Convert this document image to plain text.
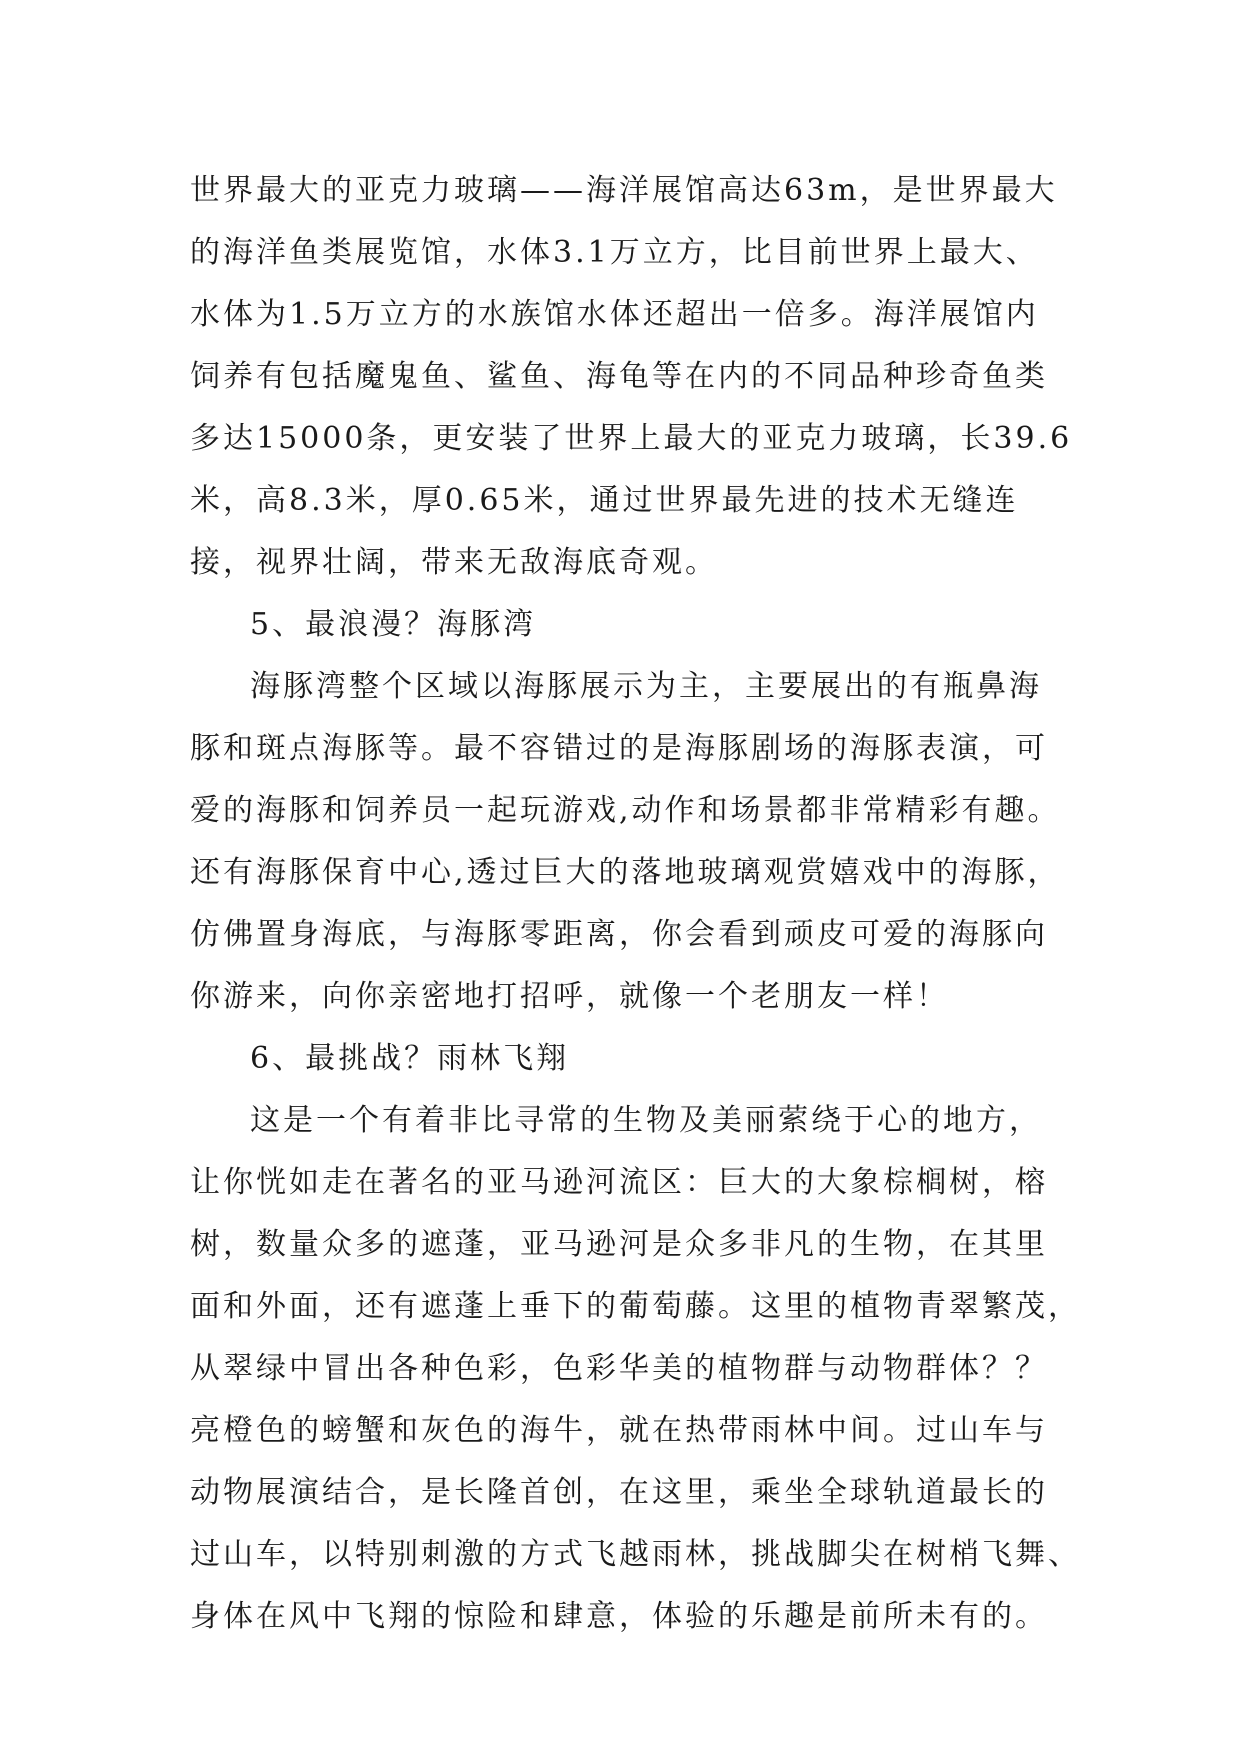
世界最大的亚克力玻璃——海洋展馆高达63m，是世界最大
的海洋鱼类展览馆，水体3.1万立方，比目前世界上最大、
水体为1.5万立方的水族馆水体还超出一倍多。海洋展馆内
饲养有包括魔鬼鱼、鲨鱼、海龟等在内的不同品种珍奇鱼类
多达15000条，更安装了世界上最大的亚克力玻璃，长39.6
米，高8.3米，厚0.65米，通过世界最先进的技术无缝连
接，视界壮阔，带来无敌海底奇观。
5、最浪漫？海豚湾
海豚湾整个区域以海豚展示为主，主要展出的有瓶鼻海
豚和斑点海豚等。最不容错过的是海豚剧场的海豚表演，可
爱的海豚和饲养员一起玩游戏,动作和场景都非常精彩有趣。
还有海豚保育中心,透过巨大的落地玻璃观赏嬉戏中的海豚，
仿佛置身海底，与海豚零距离，你会看到顽皮可爱的海豚向
你游来，向你亲密地打招呼，就像一个老朋友一样！
6、最挑战？雨林飞翔
这是一个有着非比寻常的生物及美丽萦绕于心的地方，
让你恍如走在著名的亚马逊河流区：巨大的大象棕榈树，榕
树，数量众多的遮蓬，亚马逊河是众多非凡的生物，在其里
面和外面，还有遮蓬上垂下的葡萄藤。这里的植物青翠繁茂，
从翠绿中冒出各种色彩，色彩华美的植物群与动物群体？？
亮橙色的螃蟹和灰色的海牛，就在热带雨林中间。过山车与
动物展演结合，是长隆首创，在这里，乘坐全球轨道最长的
过山车，以特别刺激的方式飞越雨林，挑战脚尖在树梢飞舞、
身体在风中飞翔的惊险和肆意，体验的乐趣是前所未有的。
